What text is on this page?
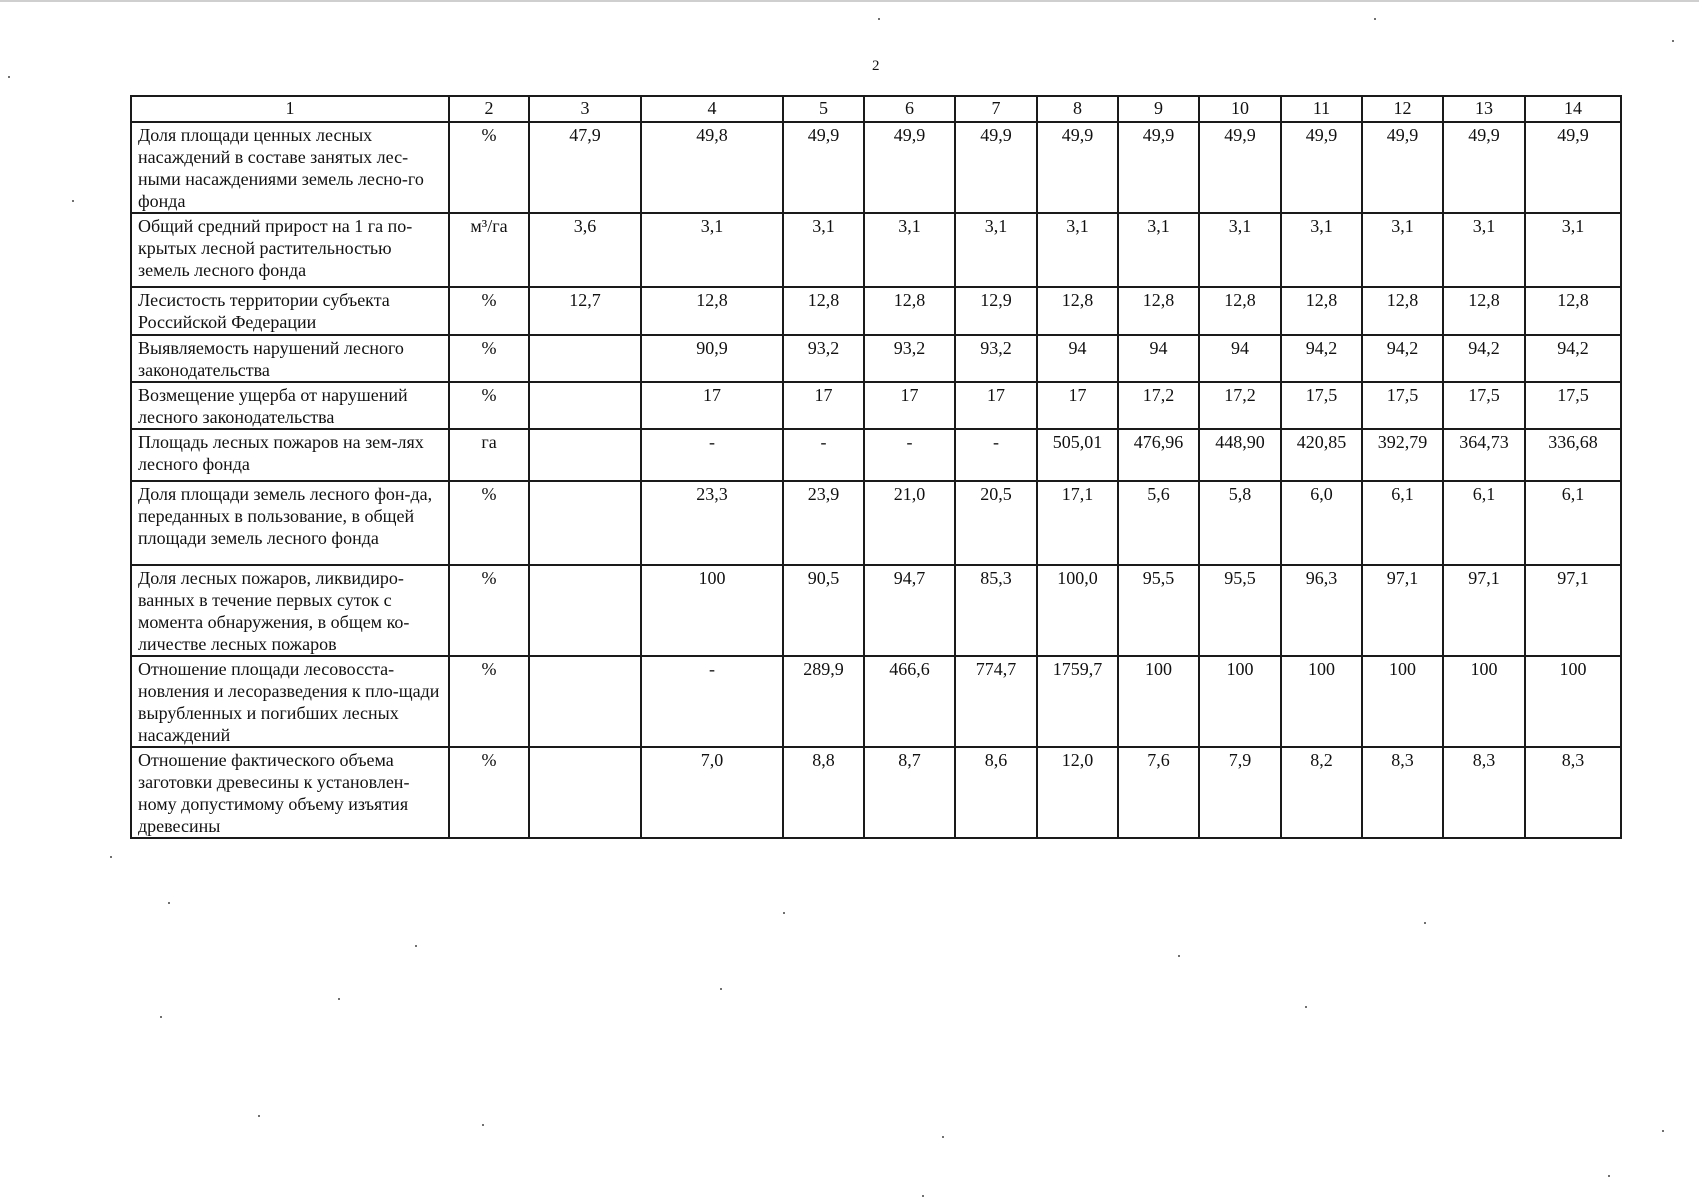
2
1	2	3	4	5	6	7	8	9	10	11	12	13	14
Доля площади ценных лесных насаждений в составе занятых лес-ными насаждениями земель лесно-го фонда	%	47,9	49,8	49,9	49,9	49,9	49,9	49,9	49,9	49,9	49,9	49,9	49,9
Общий средний прирост на 1 га по-крытых лесной растительностью земель лесного фонда	м³/га	3,6	3,1	3,1	3,1	3,1	3,1	3,1	3,1	3,1	3,1	3,1	3,1
Лесистость территории субъекта Российской Федерации	%	12,7	12,8	12,8	12,8	12,9	12,8	12,8	12,8	12,8	12,8	12,8	12,8
Выявляемость нарушений лесного законодательства	%		90,9	93,2	93,2	93,2	94	94	94	94,2	94,2	94,2	94,2
Возмещение ущерба от нарушений лесного законодательства	%		17	17	17	17	17	17,2	17,2	17,5	17,5	17,5	17,5
Площадь лесных пожаров на зем-лях лесного фонда	га		-	-	-	-	505,01	476,96	448,90	420,85	392,79	364,73	336,68
Доля площади земель лесного фон-да, переданных в пользование, в общей площади земель лесного фонда	%		23,3	23,9	21,0	20,5	17,1	5,6	5,8	6,0	6,1	6,1	6,1
Доля лесных пожаров, ликвидиро-ванных в течение первых суток с момента обнаружения, в общем ко-личестве лесных пожаров	%		100	90,5	94,7	85,3	100,0	95,5	95,5	96,3	97,1	97,1	97,1
Отношение площади лесовосста-новления и лесоразведения к пло-щади вырубленных и погибших лесных насаждений	%		-	289,9	466,6	774,7	1759,7	100	100	100	100	100	100
Отношение фактического объема заготовки древесины к установлен-ному допустимому объему изъятия древесины	%		7,0	8,8	8,7	8,6	12,0	7,6	7,9	8,2	8,3	8,3	8,3
